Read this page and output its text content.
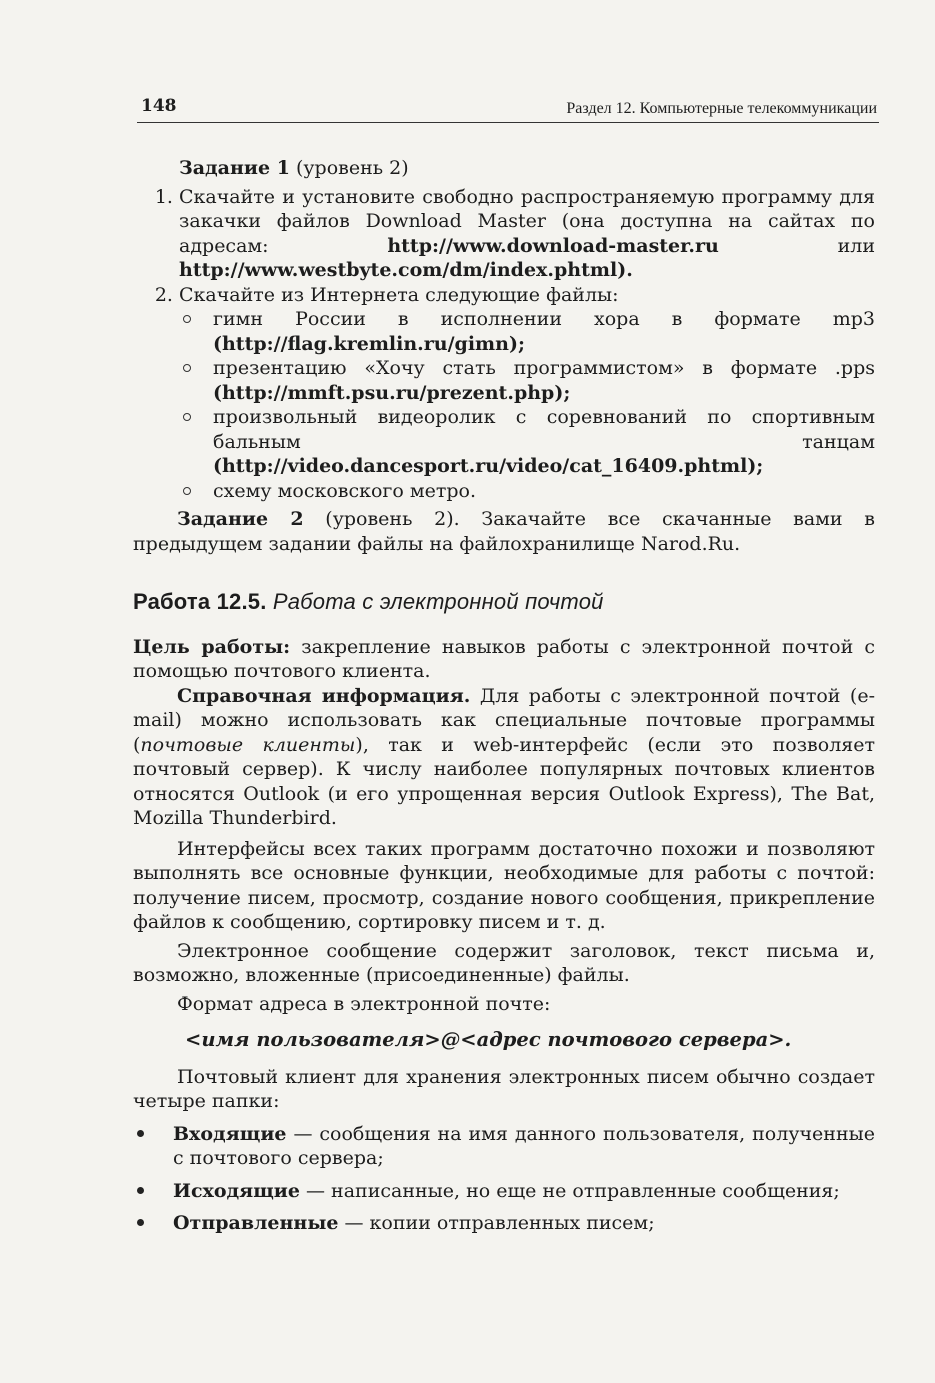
148	Раздел 12. Компьютерные телекоммуникации

Задание 1 (уровень 2)

1. Скачайте и установите свободно распространяемую программу для закачки файлов Download Master (она доступна на сайтах по адресам: http://www.download-master.ru или http://www.westbyte.com/dm/index.phtml).
2. Скачайте из Интернета следующие файлы:
гимн России в исполнении хора в формате mp3 (http://flag.kremlin.ru/gimn);
презентацию «Хочу стать программистом» в формате .pps (http://mmft.psu.ru/prezent.php);
произвольный видеоролик с соревнований по спортивным бальным танцам (http://video.dancesport.ru/video/cat_16409.phtml);
схему московского метро.

Задание 2 (уровень 2). Закачайте все скачанные вами в предыдущем задании файлы на файлохранилище Narod.Ru.

Работа 12.5. Работа с электронной почтой

Цель работы: закрепление навыков работы с электронной почтой с помощью почтового клиента.

Справочная информация. Для работы с электронной почтой (e-mail) можно использовать как специальные почтовые программы (почтовые клиенты), так и web-интерфейс (если это позволяет почтовый сервер). К числу наиболее популярных почтовых клиентов относятся Outlook (и его упрощенная версия Outlook Express), The Bat, Mozilla Thunderbird.

Интерфейсы всех таких программ достаточно похожи и позволяют выполнять все основные функции, необходимые для работы с почтой: получение писем, просмотр, создание нового сообщения, прикрепление файлов к сообщению, сортировку писем и т. д.

Электронное сообщение содержит заголовок, текст письма и, возможно, вложенные (присоединенные) файлы.

Формат адреса в электронной почте:

<имя пользователя>@<адрес почтового сервера>.

Почтовый клиент для хранения электронных писем обычно создает четыре папки:

Входящие — сообщения на имя данного пользователя, полученные с почтового сервера;
Исходящие — написанные, но еще не отправленные сообщения;
Отправленные — копии отправленных писем;
